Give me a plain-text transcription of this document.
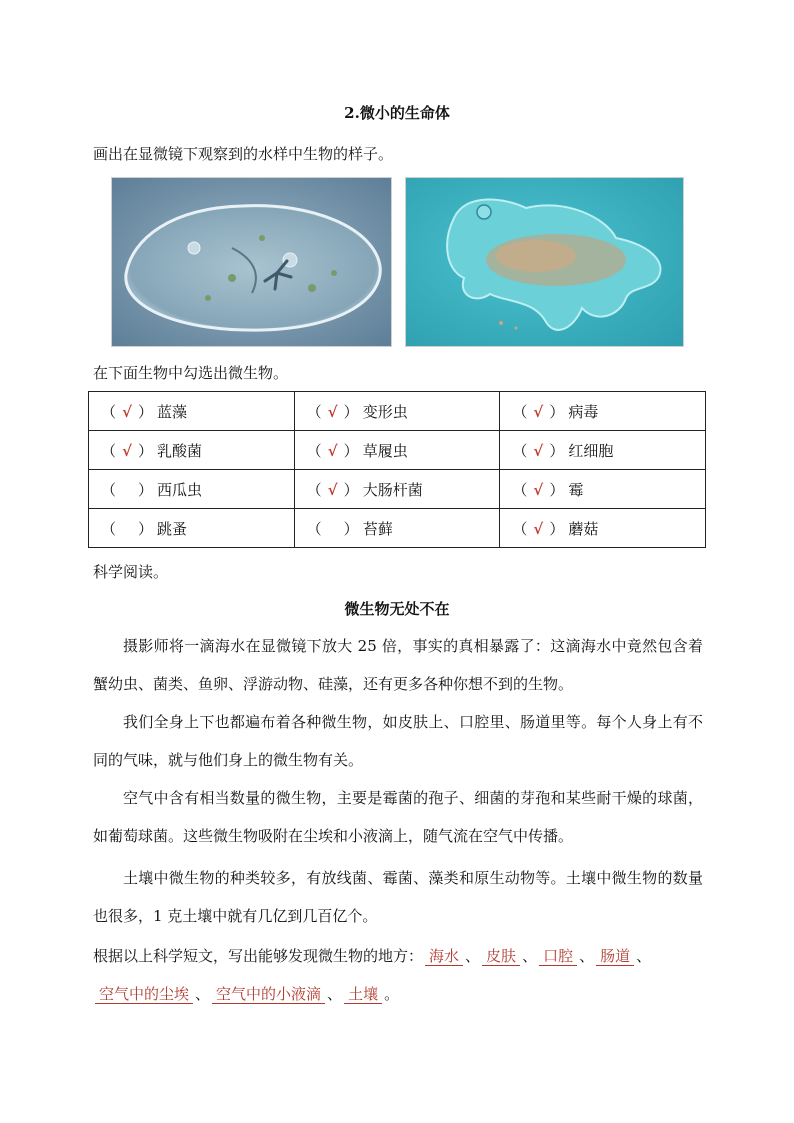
2.微小的生命体
画出在显微镜下观察到的水样中生物的样子。
在下面生物中勾选出微生物。
（ √ ） 蓝藻	（ √ ） 变形虫	（ √ ） 病毒
（ √ ） 乳酸菌	（ √ ） 草履虫	（ √ ） 红细胞
（ ） 西瓜虫	（ √ ） 大肠杆菌	（ √ ） 霉
（ ） 跳蚤	（ ） 苔藓	（ √ ） 蘑菇
科学阅读。
微生物无处不在
摄影师将一滴海水在显微镜下放大 25 倍，事实的真相暴露了：这滴海水中竟然包含着蟹幼虫、菌类、鱼卵、浮游动物、硅藻，还有更多各种你想不到的生物。
我们全身上下也都遍布着各种微生物，如皮肤上、口腔里、肠道里等。每个人身上有不同的气味，就与他们身上的微生物有关。
空气中含有相当数量的微生物，主要是霉菌的孢子、细菌的芽孢和某些耐干燥的球菌，如葡萄球菌。这些微生物吸附在尘埃和小液滴上，随气流在空气中传播。
土壤中微生物的种类较多，有放线菌、霉菌、藻类和原生动物等。土壤中微生物的数量也很多，1 克土壤中就有几亿到几百亿个。
根据以上科学短文，写出能够发现微生物的地方： 海水 、 皮肤 、 口腔 、 肠道 、
空气中的尘埃 、 空气中的小液滴 、 土壤 。
